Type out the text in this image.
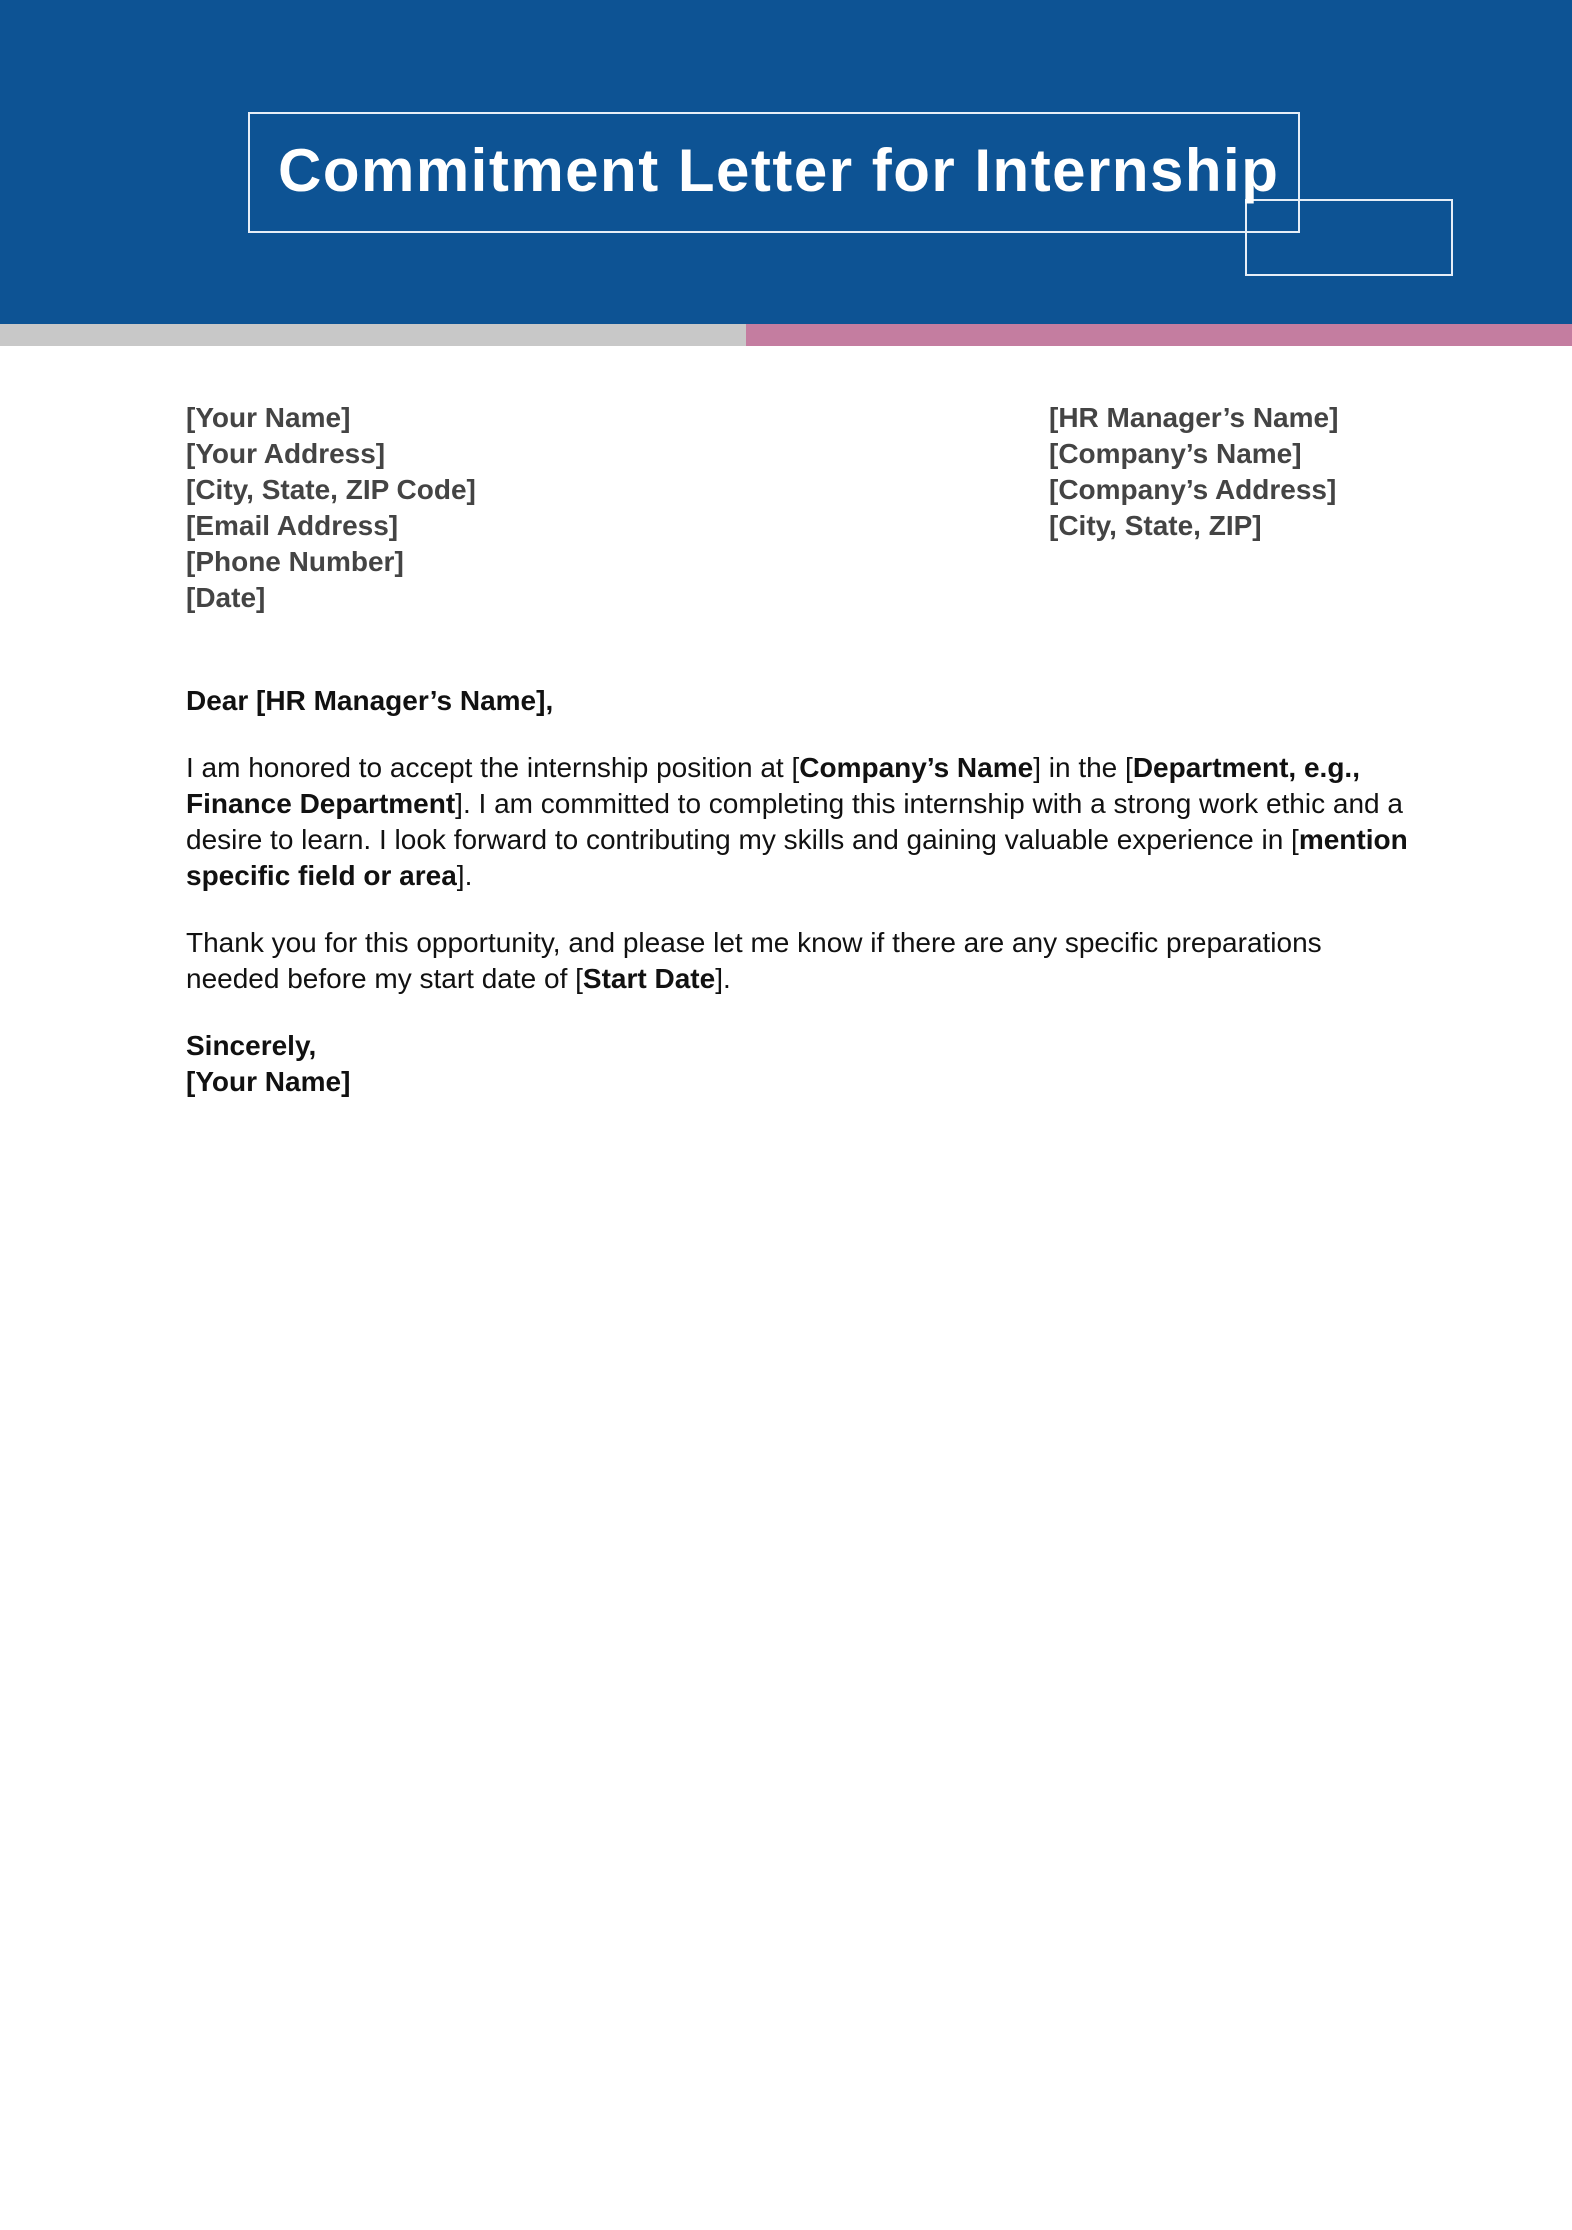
Commitment Letter for Internship
[Your Name]
[Your Address]
[City, State, ZIP Code]
[Email Address]
[Phone Number]
[Date]
[HR Manager’s Name]
[Company’s Name]
[Company’s Address]
[City, State, ZIP]

Dear [HR Manager’s Name],

I am honored to accept the internship position at [Company’s Name] in the [Department, e.g., Finance Department]. I am committed to completing this internship with a strong work ethic and a desire to learn. I look forward to contributing my skills and gaining valuable experience in [mention specific field or area].

Thank you for this opportunity, and please let me know if there are any specific preparations needed before my start date of [Start Date].

Sincerely,

[Your Name]
